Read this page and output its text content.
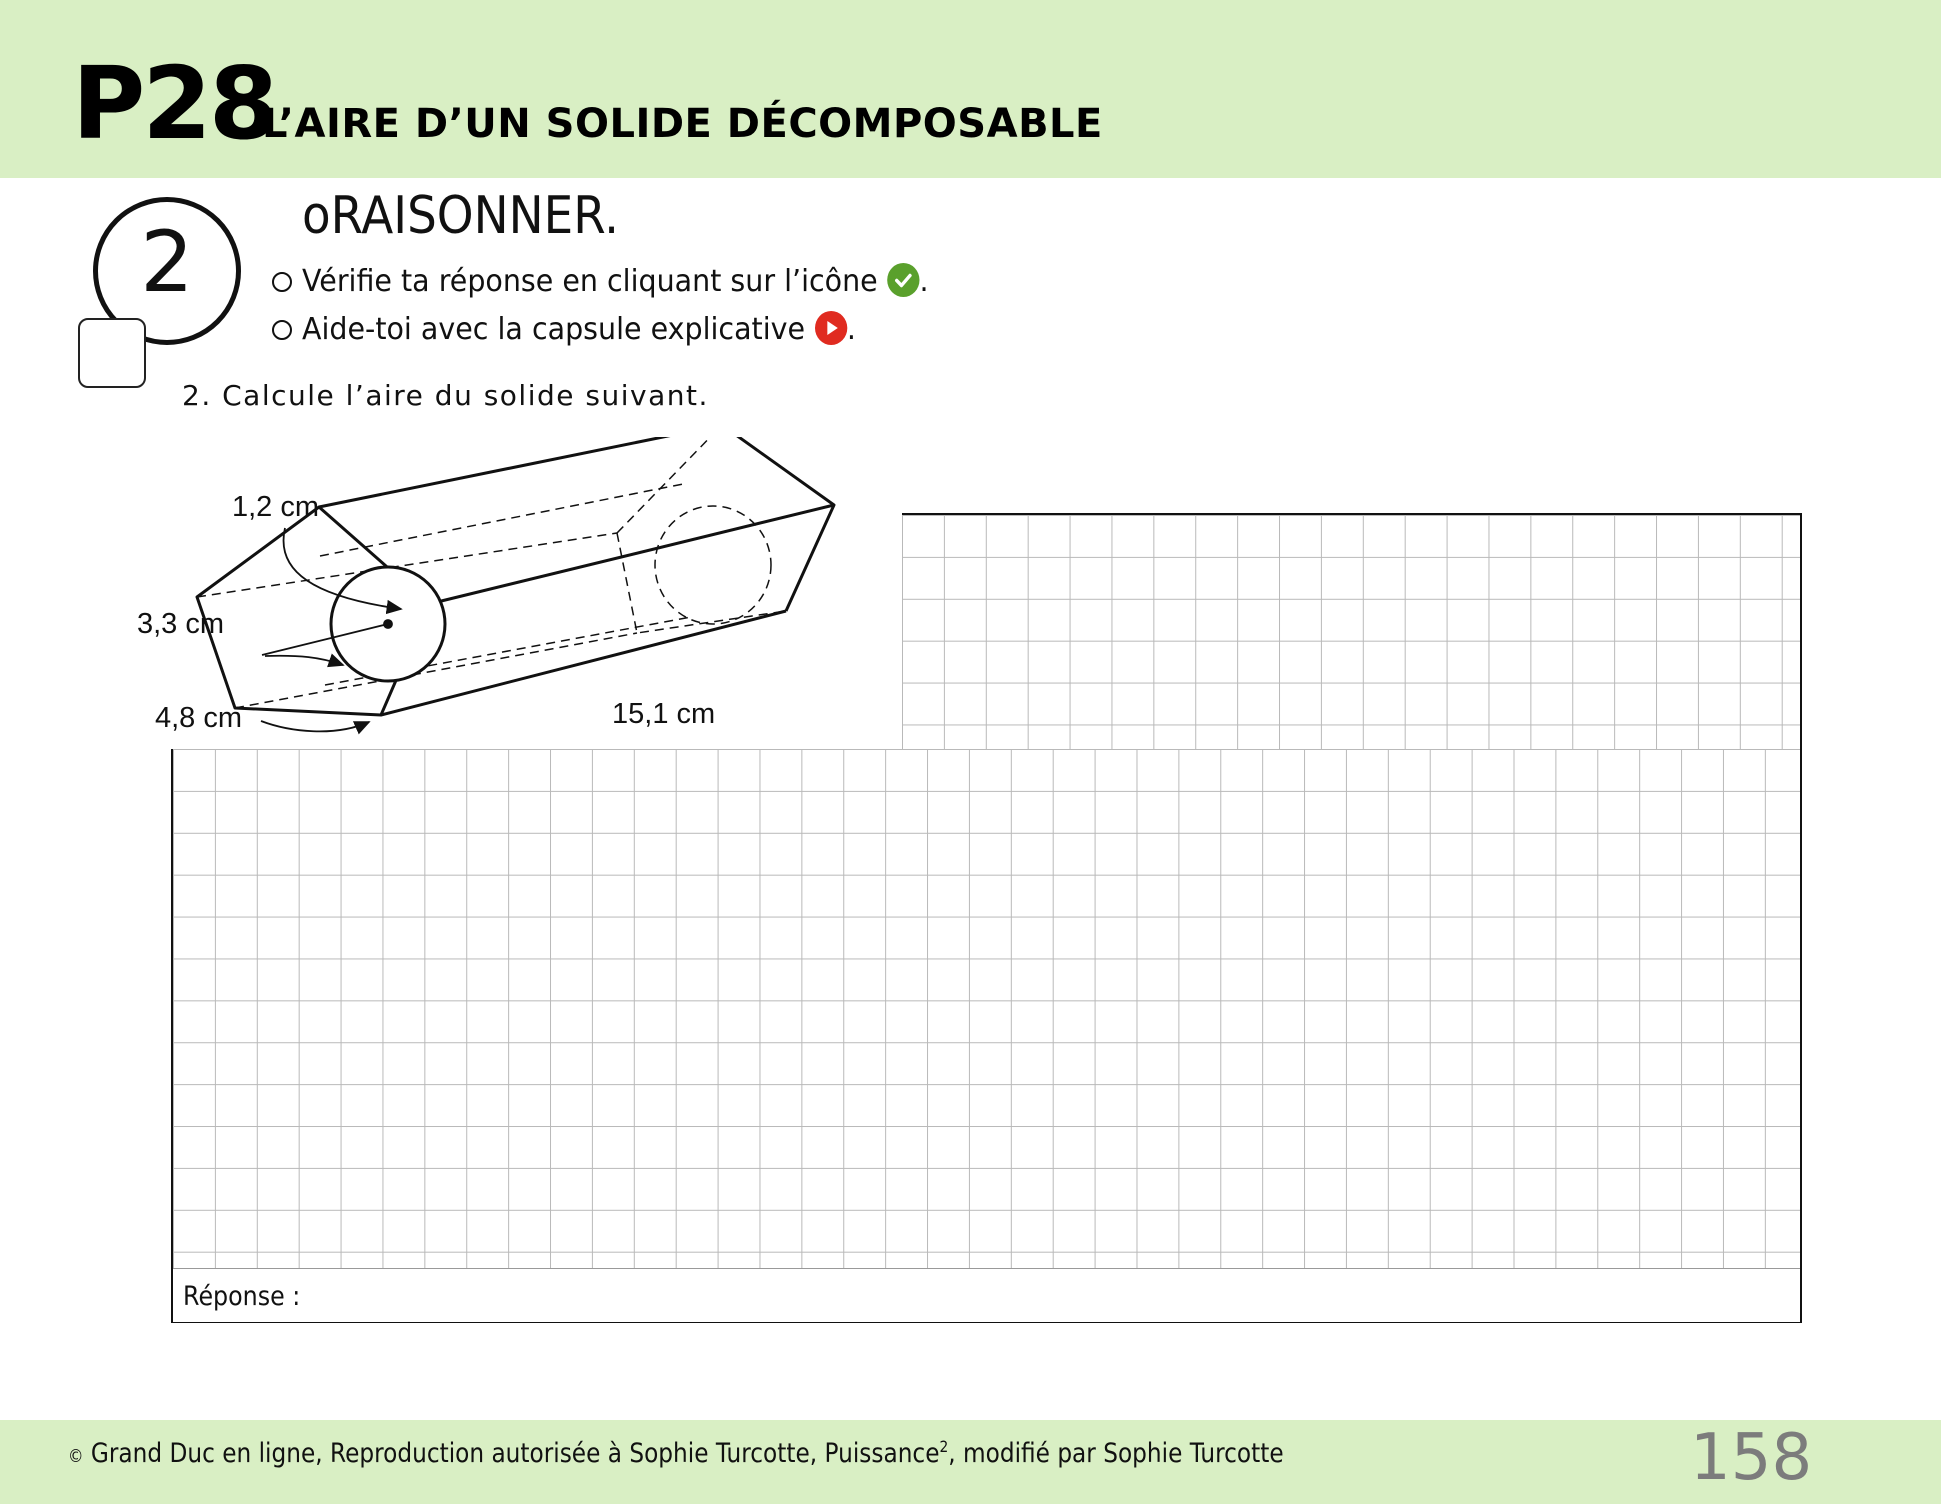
P28
L’AIRE D’UN SOLIDE DÉCOMPOSABLE
2	oRAISONNER.
Vérifie ta réponse en cliquant sur l’icône .
Aide-toi avec la capsule explicative .
2. Calcule l’aire du solide suivant.
Réponse :
1,2 cm
3,3 cm
4,8 cm	15,1 cm
© Grand Duc en ligne, Reproduction autorisée à Sophie Turcotte, Puissance$^2$, modifié par Sophie Turcotte	158
